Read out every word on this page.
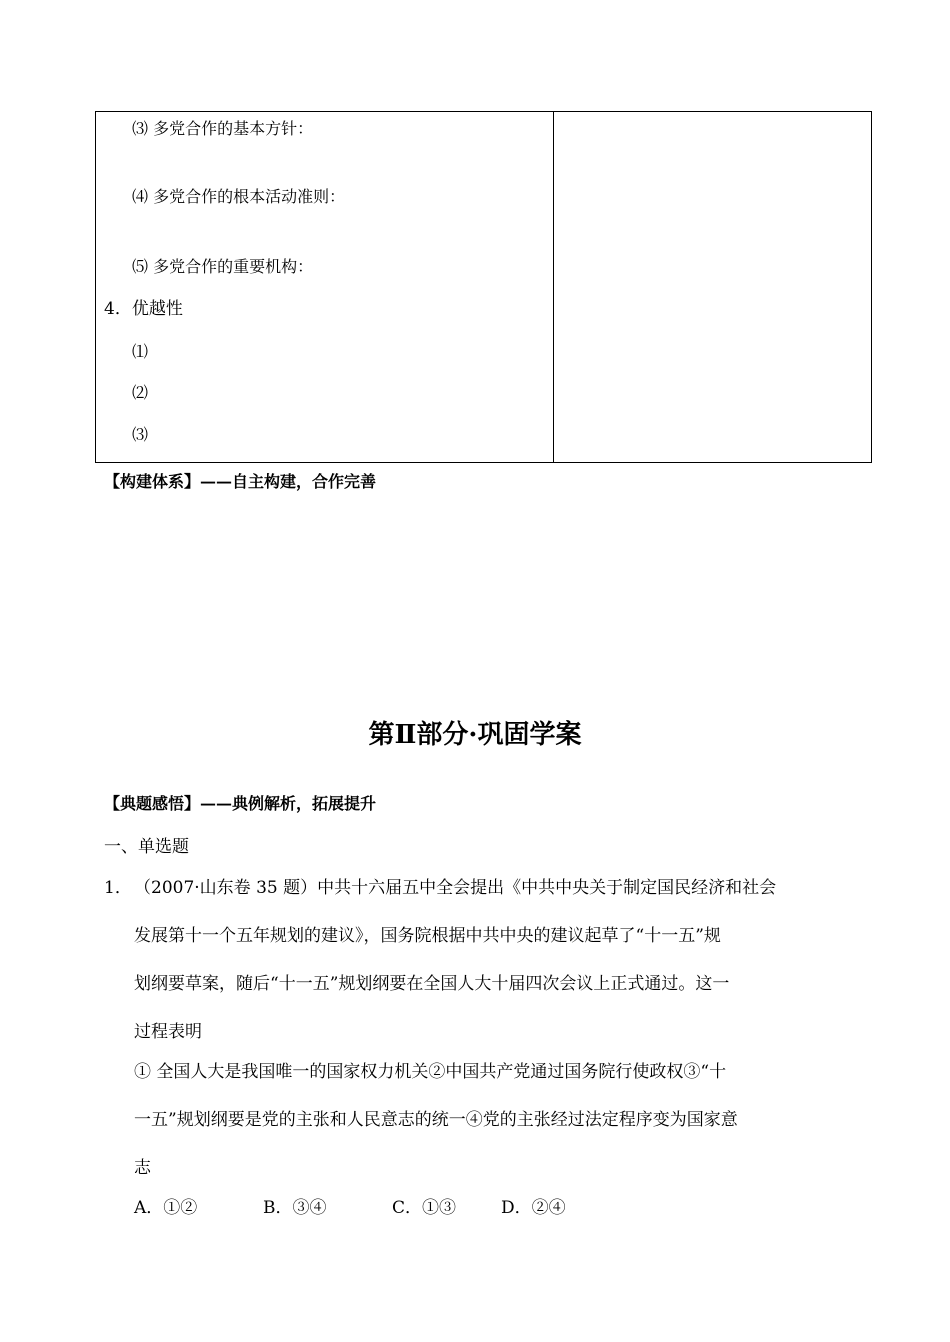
⑶ 多党合作的基本方针：
⑷ 多党合作的根本活动准则：
⑸ 多党合作的重要机构：
4．优越性
⑴
⑵
⑶
【构建体系】——自主构建，合作完善
第Ⅱ部分·巩固学案
【典题感悟】——典例解析，拓展提升
一、单选题
1． （2007·山东卷 35 题）中共十六届五中全会提出《中共中央关于制定国民经济和社会
发展第十一个五年规划的建议》，国务院根据中共中央的建议起草了“十一五”规
划纲要草案，随后“十一五”规划纲要在全国人大十届四次会议上正式通过。这一
过程表明
① 全国人大是我国唯一的国家权力机关②中国共产党通过国务院行使政权③“十
一五”规划纲要是党的主张和人民意志的统一④党的主张经过法定程序变为国家意
志
A．①②	B．③④	C．①③	D．②④
